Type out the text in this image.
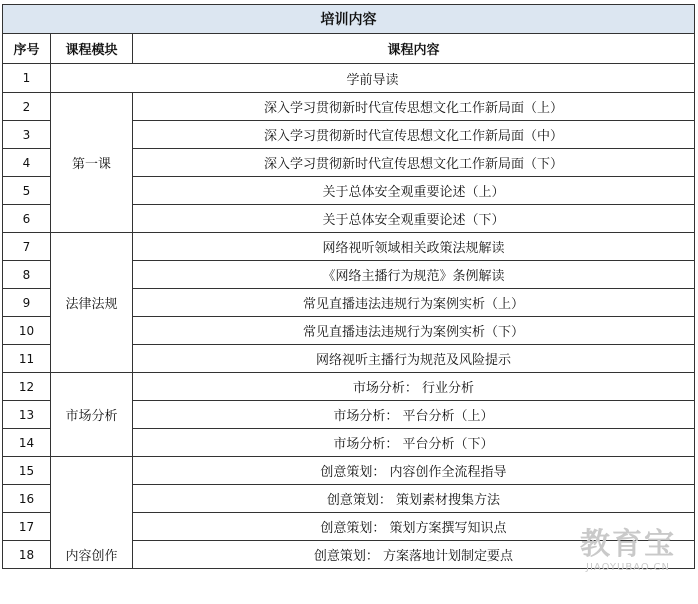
培训内容		
序号	课程模块	课程内容
1	学前导读	
2	第一课	深入学习贯彻新时代宣传思想文化工作新局面（上）
3		深入学习贯彻新时代宣传思想文化工作新局面（中）
4		深入学习贯彻新时代宣传思想文化工作新局面（下）
5		关于总体安全观重要论述（上）
6		关于总体安全观重要论述（下）
7	法律法规	网络视听领域相关政策法规解读
8		《网络主播行为规范》条例解读
9		常见直播违法违规行为案例实析（上）
10		常见直播违法违规行为案例实析（下）
11		网络视听主播行为规范及风险提示
12	市场分析	市场分析： 行业分析
13		市场分析： 平台分析（上）
14		市场分析： 平台分析（下）
15	内容创作	创意策划： 内容创作全流程指导
16		创意策划： 策划素材搜集方法
17		创意策划： 策划方案撰写知识点
18		创意策划： 方案落地计划制定要点 教育宝
JIAOYUBAO.CN
